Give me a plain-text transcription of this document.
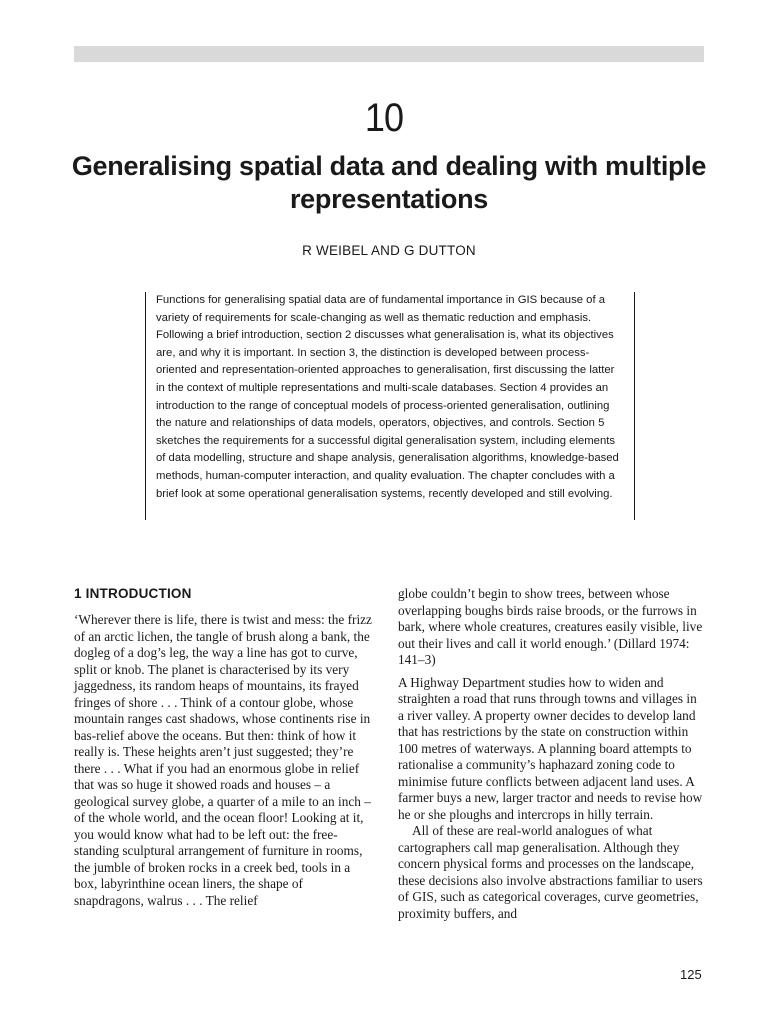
10
Generalising spatial data and dealing with multiple representations
R WEIBEL AND G DUTTON
Functions for generalising spatial data are of fundamental importance in GIS because of a variety of requirements for scale-changing as well as thematic reduction and emphasis. Following a brief introduction, section 2 discusses what generalisation is, what its objectives are, and why it is important. In section 3, the distinction is developed between process-oriented and representation-oriented approaches to generalisation, first discussing the latter in the context of multiple representations and multi-scale databases. Section 4 provides an introduction to the range of conceptual models of process-oriented generalisation, outlining the nature and relationships of data models, operators, objectives, and controls. Section 5 sketches the requirements for a successful digital generalisation system, including elements of data modelling, structure and shape analysis, generalisation algorithms, knowledge-based methods, human-computer interaction, and quality evaluation. The chapter concludes with a brief look at some operational generalisation systems, recently developed and still evolving.
1 INTRODUCTION

‘Wherever there is life, there is twist and mess: the frizz of an arctic lichen, the tangle of brush along a bank, the dogleg of a dog’s leg, the way a line has got to curve, split or knob. The planet is characterised by its very jaggedness, its random heaps of mountains, its frayed fringes of shore . . . Think of a contour globe, whose mountain ranges cast shadows, whose continents rise in bas-relief above the oceans. But then: think of how it really is. These heights aren’t just suggested; they’re there . . . What if you had an enormous globe in relief that was so huge it showed roads and houses – a geological survey globe, a quarter of a mile to an inch – of the whole world, and the ocean floor! Looking at it, you would know what had to be left out: the free-standing sculptural arrangement of furniture in rooms, the jumble of broken rocks in a creek bed, tools in a box, labyrinthine ocean liners, the shape of snapdragons, walrus . . . The relief

globe couldn’t begin to show trees, between whose overlapping boughs birds raise broods, or the furrows in bark, where whole creatures, creatures easily visible, live out their lives and call it world enough.’ (Dillard 1974: 141–3)

A Highway Department studies how to widen and straighten a road that runs through towns and villages in a river valley. A property owner decides to develop land that has restrictions by the state on construction within 100 metres of waterways. A planning board attempts to rationalise a community’s haphazard zoning code to minimise future conflicts between adjacent land uses. A farmer buys a new, larger tractor and needs to revise how he or she ploughs and intercrops in hilly terrain.

All of these are real-world analogues of what cartographers call map generalisation. Although they concern physical forms and processes on the landscape, these decisions also involve abstractions familiar to users of GIS, such as categorical coverages, curve geometries, proximity buffers, and

125
